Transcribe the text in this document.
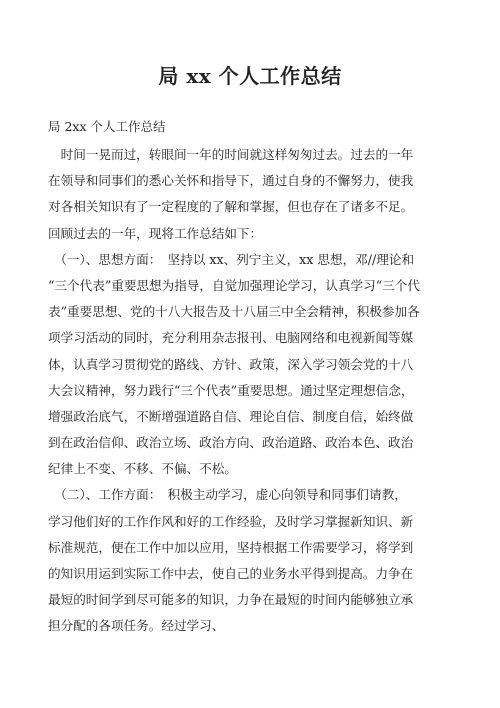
局 xx 个人工作总结
局 2xx 个人工作总结
　时间一晃而过，转眼间一年的时间就这样匆匆过去。过去的一年
在领导和同事们的悉心关怀和指导下，通过自身的不懈努力，使我
对各相关知识有了一定程度的了解和掌握，但也存在了诸多不足。
回顾过去的一年，现将工作总结如下：
　（一）、思想方面：　坚持以 xx、列宁主义，xx 思想，邓//理论和
“三个代表”重要思想为指导，自觉加强理论学习，认真学习“三个代
表”重要思想、党的十八大报告及十八届三中全会精神，积极参加各
项学习活动的同时，充分利用杂志报刊、电脑网络和电视新闻等媒
体，认真学习贯彻党的路线、方针、政策，深入学习领会党的十八
大会议精神，努力践行“三个代表”重要思想。通过坚定理想信念，
增强政治底气，不断增强道路自信、理论自信、制度自信，始终做
到在政治信仰、政治立场、政治方向、政治道路、政治本色、政治
纪律上不变、不移、不偏、不松。
　（二）、工作方面：　积极主动学习，虚心向领导和同事们请教，
学习他们好的工作作风和好的工作经验，及时学习掌握新知识、新
标准规范，便在工作中加以应用，坚持根据工作需要学习，将学到
的知识用运到实际工作中去，使自己的业务水平得到提高。力争在
最短的时间学到尽可能多的知识，力争在最短的时间内能够独立承
担分配的各项任务。经过学习、
